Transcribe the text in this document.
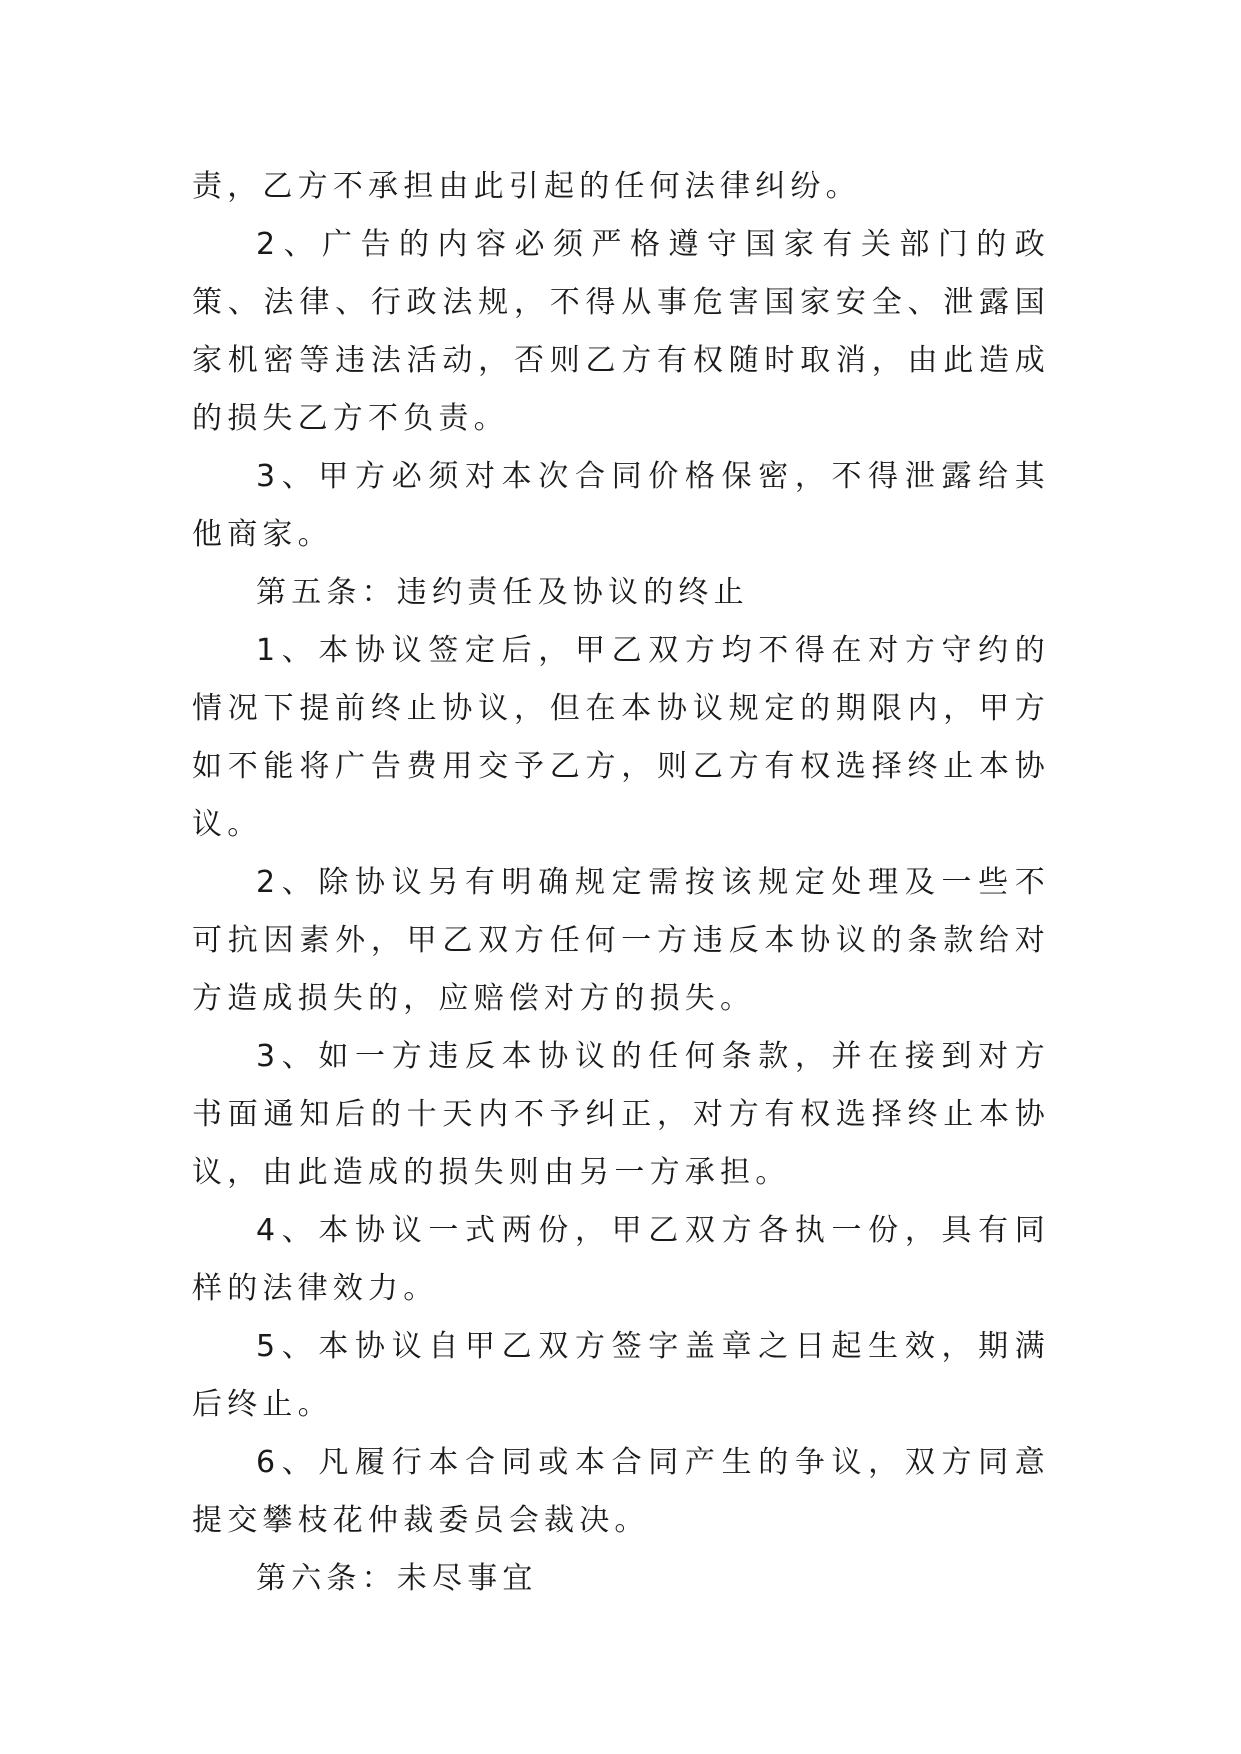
责，乙方不承担由此引起的任何法律纠纷。

2、广告的内容必须严格遵守国家有关部门的政策、法律、行政法规，不得从事危害国家安全、泄露国家机密等违法活动，否则乙方有权随时取消，由此造成的损失乙方不负责。

3、甲方必须对本次合同价格保密，不得泄露给其他商家。

第五条：违约责任及协议的终止

1、本协议签定后，甲乙双方均不得在对方守约的情况下提前终止协议，但在本协议规定的期限内，甲方如不能将广告费用交予乙方，则乙方有权选择终止本协议。

2、除协议另有明确规定需按该规定处理及一些不可抗因素外，甲乙双方任何一方违反本协议的条款给对方造成损失的，应赔偿对方的损失。

3、如一方违反本协议的任何条款，并在接到对方书面通知后的十天内不予纠正，对方有权选择终止本协议，由此造成的损失则由另一方承担。

4、本协议一式两份，甲乙双方各执一份，具有同样的法律效力。

5、本协议自甲乙双方签字盖章之日起生效，期满后终止。

6、凡履行本合同或本合同产生的争议，双方同意提交攀枝花仲裁委员会裁决。

第六条：未尽事宜
